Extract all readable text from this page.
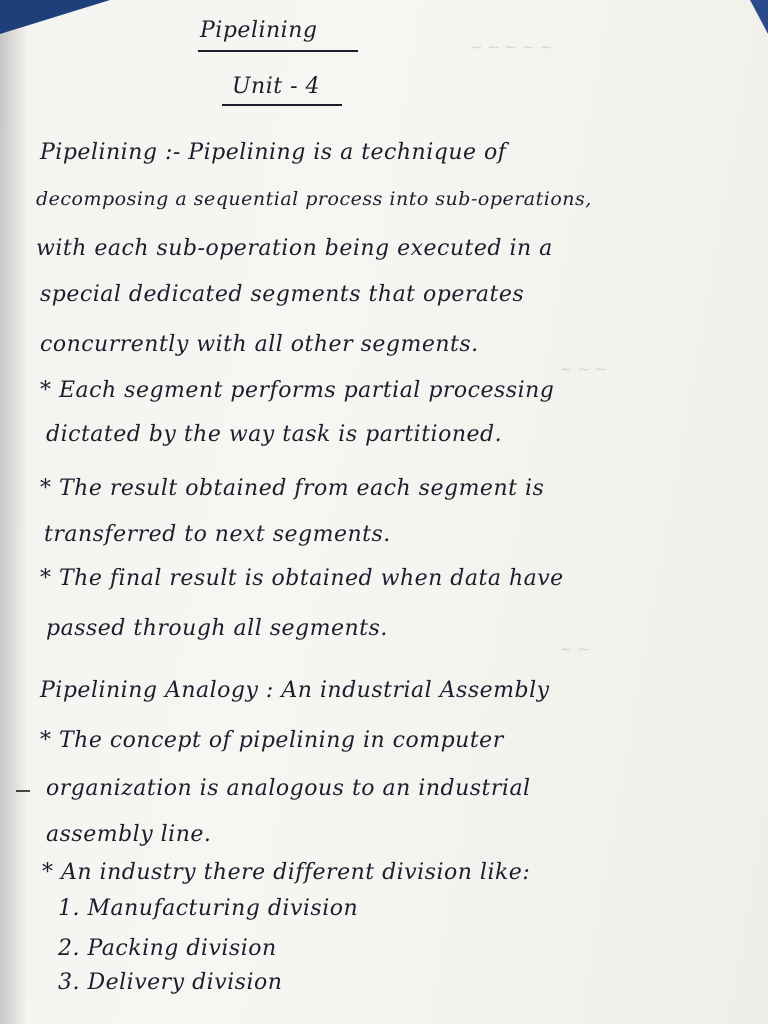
~ ~ ~ ~ ~
~ ~ ~
~ ~
Pipelining
Unit - 4
Pipelining :- Pipelining is a technique of
decomposing a sequential process into sub-operations,
with each sub-operation being executed in a
special dedicated segments that operates
concurrently with all other segments.
* Each segment performs partial processing
dictated by the way task is partitioned.
* The result obtained from each segment is
transferred to next segments.
* The final result is obtained when data have
passed through all segments.
Pipelining Analogy : An industrial Assembly
* The concept of pipelining in computer
organization is analogous to an industrial
assembly line.
* An industry there different division like:
1. Manufacturing division
2. Packing division
3. Delivery division
